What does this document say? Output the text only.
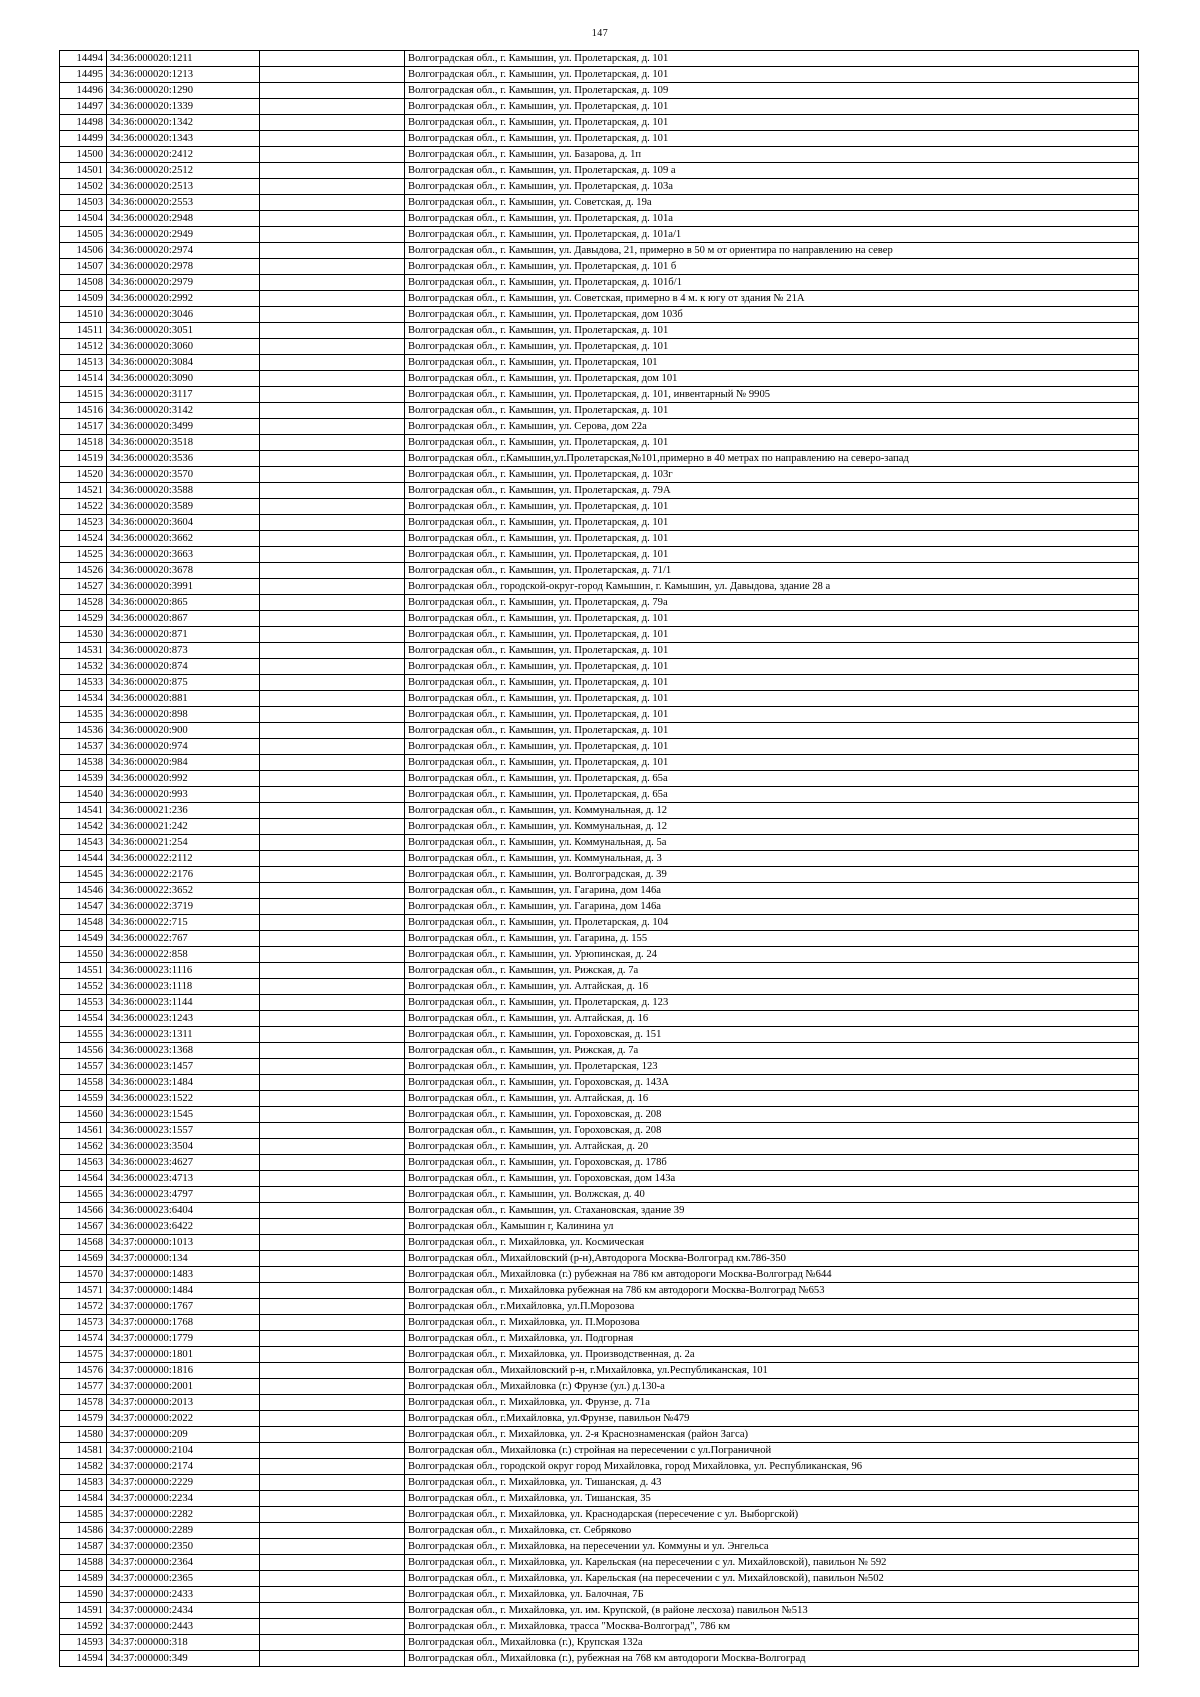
147
14494	34:36:000020:1211		Волгоградская обл., г. Камышин, ул. Пролетарская, д. 101
14495	34:36:000020:1213		Волгоградская обл., г. Камышин, ул. Пролетарская, д. 101
14496	34:36:000020:1290		Волгоградская обл., г. Камышин, ул. Пролетарская, д. 109
14497	34:36:000020:1339		Волгоградская обл., г. Камышин, ул. Пролетарская, д. 101
14498	34:36:000020:1342		Волгоградская обл., г. Камышин, ул. Пролетарская, д. 101
14499	34:36:000020:1343		Волгоградская обл., г. Камышин, ул. Пролетарская, д. 101
14500	34:36:000020:2412		Волгоградская обл., г. Камышин, ул. Базарова, д. 1п
14501	34:36:000020:2512		Волгоградская обл., г. Камышин, ул. Пролетарская, д. 109 а
14502	34:36:000020:2513		Волгоградская обл., г. Камышин, ул. Пролетарская, д. 103а
14503	34:36:000020:2553		Волгоградская обл., г. Камышин, ул. Советская, д. 19а
14504	34:36:000020:2948		Волгоградская обл., г. Камышин, ул. Пролетарская, д. 101а
14505	34:36:000020:2949		Волгоградская обл., г. Камышин, ул. Пролетарская, д. 101а/1
14506	34:36:000020:2974		Волгоградская обл., г. Камышин, ул. Давыдова, 21, примерно в 50 м от ориентира по направлению на север
14507	34:36:000020:2978		Волгоградская обл., г. Камышин, ул. Пролетарская, д. 101 б
14508	34:36:000020:2979		Волгоградская обл., г. Камышин, ул. Пролетарская, д. 101б/1
14509	34:36:000020:2992		Волгоградская обл., г. Камышин, ул. Советская, примерно в 4 м. к югу от здания № 21А
14510	34:36:000020:3046		Волгоградская обл., г. Камышин, ул. Пролетарская, дом 103б
14511	34:36:000020:3051		Волгоградская обл., г. Камышин, ул. Пролетарская, д. 101
14512	34:36:000020:3060		Волгоградская обл., г. Камышин, ул. Пролетарская, д. 101
14513	34:36:000020:3084		Волгоградская обл., г. Камышин, ул. Пролетарская, 101
14514	34:36:000020:3090		Волгоградская обл., г. Камышин, ул. Пролетарская, дом 101
14515	34:36:000020:3117		Волгоградская обл., г. Камышин, ул. Пролетарская, д. 101, инвентарный № 9905
14516	34:36:000020:3142		Волгоградская обл., г. Камышин, ул. Пролетарская, д. 101
14517	34:36:000020:3499		Волгоградская обл., г. Камышин, ул. Серова, дом 22а
14518	34:36:000020:3518		Волгоградская обл., г. Камышин, ул. Пролетарская, д. 101
14519	34:36:000020:3536		Волгоградская обл., г.Камышин,ул.Пролетарская,№101,примерно в 40 метрах по направлению на северо-запад
14520	34:36:000020:3570		Волгоградская обл., г. Камышин, ул. Пролетарская, д. 103г
14521	34:36:000020:3588		Волгоградская обл., г. Камышин, ул. Пролетарская, д. 79А
14522	34:36:000020:3589		Волгоградская обл., г. Камышин, ул. Пролетарская, д. 101
14523	34:36:000020:3604		Волгоградская обл., г. Камышин, ул. Пролетарская, д. 101
14524	34:36:000020:3662		Волгоградская обл., г. Камышин, ул. Пролетарская, д. 101
14525	34:36:000020:3663		Волгоградская обл., г. Камышин, ул. Пролетарская, д. 101
14526	34:36:000020:3678		Волгоградская обл., г. Камышин, ул. Пролетарская, д. 71/1
14527	34:36:000020:3991		Волгоградская обл., городской-округ-город Камышин, г. Камышин, ул. Давыдова, здание 28 а
14528	34:36:000020:865		Волгоградская обл., г. Камышин, ул. Пролетарская, д. 79а
14529	34:36:000020:867		Волгоградская обл., г. Камышин, ул. Пролетарская, д. 101
14530	34:36:000020:871		Волгоградская обл., г. Камышин, ул. Пролетарская, д. 101
14531	34:36:000020:873		Волгоградская обл., г. Камышин, ул. Пролетарская, д. 101
14532	34:36:000020:874		Волгоградская обл., г. Камышин, ул. Пролетарская, д. 101
14533	34:36:000020:875		Волгоградская обл., г. Камышин, ул. Пролетарская, д. 101
14534	34:36:000020:881		Волгоградская обл., г. Камышин, ул. Пролетарская, д. 101
14535	34:36:000020:898		Волгоградская обл., г. Камышин, ул. Пролетарская, д. 101
14536	34:36:000020:900		Волгоградская обл., г. Камышин, ул. Пролетарская, д. 101
14537	34:36:000020:974		Волгоградская обл., г. Камышин, ул. Пролетарская, д. 101
14538	34:36:000020:984		Волгоградская обл., г. Камышин, ул. Пролетарская, д. 101
14539	34:36:000020:992		Волгоградская обл., г. Камышин, ул. Пролетарская, д. 65а
14540	34:36:000020:993		Волгоградская обл., г. Камышин, ул. Пролетарская, д. 65а
14541	34:36:000021:236		Волгоградская обл., г. Камышин, ул. Коммунальная, д. 12
14542	34:36:000021:242		Волгоградская обл., г. Камышин, ул. Коммунальная, д. 12
14543	34:36:000021:254		Волгоградская обл., г. Камышин, ул. Коммунальная, д. 5а
14544	34:36:000022:2112		Волгоградская обл., г. Камышин, ул. Коммунальная, д. 3
14545	34:36:000022:2176		Волгоградская обл., г. Камышин, ул. Волгоградская, д. 39
14546	34:36:000022:3652		Волгоградская обл., г. Камышин, ул. Гагарина, дом 146а
14547	34:36:000022:3719		Волгоградская обл., г. Камышин, ул. Гагарина, дом 146а
14548	34:36:000022:715		Волгоградская обл., г. Камышин, ул. Пролетарская, д. 104
14549	34:36:000022:767		Волгоградская обл., г. Камышин, ул. Гагарина, д. 155
14550	34:36:000022:858		Волгоградская обл., г. Камышин, ул. Урюпинская, д. 24
14551	34:36:000023:1116		Волгоградская обл., г. Камышин, ул. Рижская, д. 7а
14552	34:36:000023:1118		Волгоградская обл., г. Камышин, ул. Алтайская, д. 16
14553	34:36:000023:1144		Волгоградская обл., г. Камышин, ул. Пролетарская, д. 123
14554	34:36:000023:1243		Волгоградская обл., г. Камышин, ул. Алтайская, д. 16
14555	34:36:000023:1311		Волгоградская обл., г. Камышин, ул. Гороховская, д. 151
14556	34:36:000023:1368		Волгоградская обл., г. Камышин, ул. Рижская, д. 7а
14557	34:36:000023:1457		Волгоградская обл., г. Камышин, ул. Пролетарская, 123
14558	34:36:000023:1484		Волгоградская обл., г. Камышин, ул. Гороховская, д. 143А
14559	34:36:000023:1522		Волгоградская обл., г. Камышин, ул. Алтайская, д. 16
14560	34:36:000023:1545		Волгоградская обл., г. Камышин, ул. Гороховская, д. 208
14561	34:36:000023:1557		Волгоградская обл., г. Камышин, ул. Гороховская, д. 208
14562	34:36:000023:3504		Волгоградская обл., г. Камышин, ул. Алтайская, д. 20
14563	34:36:000023:4627		Волгоградская обл., г. Камышин, ул. Гороховская, д. 178б
14564	34:36:000023:4713		Волгоградская обл., г. Камышин, ул. Гороховская, дом 143а
14565	34:36:000023:4797		Волгоградская обл., г. Камышин, ул. Волжская, д. 40
14566	34:36:000023:6404		Волгоградская обл., г. Камышин, ул. Стахановская, здание 39
14567	34:36:000023:6422		Волгоградская обл., Камышин г, Калинина ул
14568	34:37:000000:1013		Волгоградская обл., г. Михайловка, ул. Космическая
14569	34:37:000000:134		Волгоградская обл., Михайловский (р-н),Автодорога Москва-Волгоград км.786-350
14570	34:37:000000:1483		Волгоградская обл., Михайловка (г.) рубежная на 786 км автодороги Москва-Волгоград №644
14571	34:37:000000:1484		Волгоградская обл., г. Михайловка рубежная на 786 км автодороги Москва-Волгоград №653
14572	34:37:000000:1767		Волгоградская обл., г.Михайловка, ул.П.Морозова
14573	34:37:000000:1768		Волгоградская обл., г. Михайловка, ул. П.Морозова
14574	34:37:000000:1779		Волгоградская обл., г. Михайловка, ул. Подгорная
14575	34:37:000000:1801		Волгоградская обл., г. Михайловка, ул. Производственная, д. 2а
14576	34:37:000000:1816		Волгоградская обл., Михайловский р-н, г.Михайловка, ул.Республиканская, 101
14577	34:37:000000:2001		Волгоградская обл., Михайловка (г.) Фрунзе (ул.) д.130-а
14578	34:37:000000:2013		Волгоградская обл., г. Михайловка, ул. Фрунзе, д. 71а
14579	34:37:000000:2022		Волгоградская обл., г.Михайловка, ул.Фрунзе, павильон №479
14580	34:37:000000:209		Волгоградская обл., г. Михайловка, ул. 2-я Краснознаменская (район Загса)
14581	34:37:000000:2104		Волгоградская обл., Михайловка (г.) стройная на пересечении с ул.Пограничной
14582	34:37:000000:2174		Волгоградская обл., городской округ город Михайловка, город Михайловка, ул. Республиканская, 96
14583	34:37:000000:2229		Волгоградская обл., г. Михайловка, ул. Тишанская, д. 43
14584	34:37:000000:2234		Волгоградская обл., г. Михайловка, ул. Тишанская, 35
14585	34:37:000000:2282		Волгоградская обл., г. Михайловка, ул. Краснодарская (пересечение с ул. Выборгской)
14586	34:37:000000:2289		Волгоградская обл., г. Михайловка, ст. Себряково
14587	34:37:000000:2350		Волгоградская обл., г. Михайловка, на пересечении ул. Коммуны и ул. Энгельса
14588	34:37:000000:2364		Волгоградская обл., г. Михайловка, ул. Карельская (на пересечении с ул. Михайловской), павильон № 592
14589	34:37:000000:2365		Волгоградская обл., г. Михайловка, ул. Карельская (на пересечении с ул. Михайловской), павильон №502
14590	34:37:000000:2433		Волгоградская обл., г. Михайловка, ул. Балочная, 7Б
14591	34:37:000000:2434		Волгоградская обл., г. Михайловка, ул. им. Крупской, (в районе лесхоза) павильон №513
14592	34:37:000000:2443		Волгоградская обл., г. Михайловка, трасса "Москва-Волгоград", 786 км
14593	34:37:000000:318		Волгоградская обл., Михайловка (г.), Крупская 132а
14594	34:37:000000:349		Волгоградская обл., Михайловка (г.), рубежная на 768 км автодороги Москва-Волгоград
